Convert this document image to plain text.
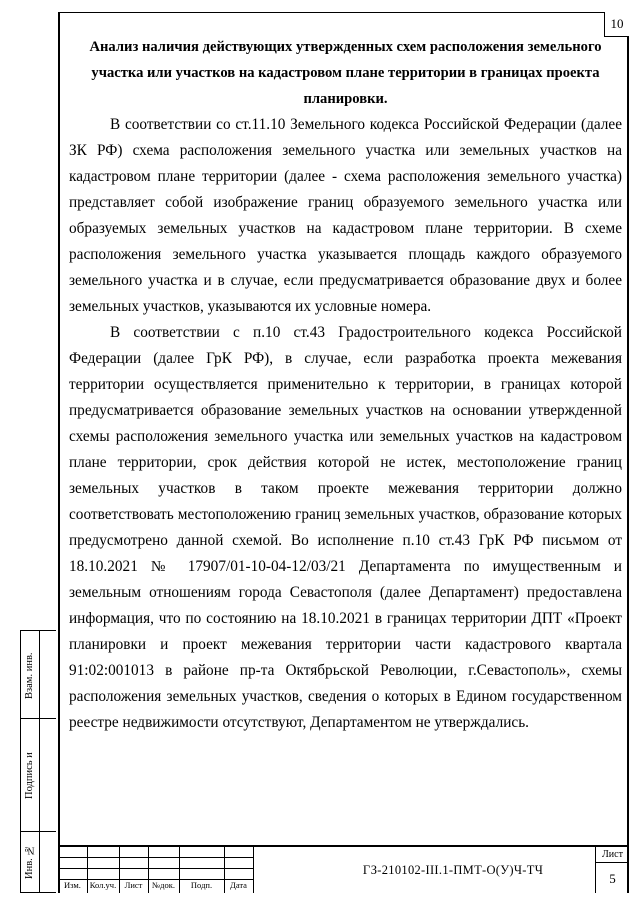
10
Анализ наличия действующих утвержденных схем расположения земельного участка или участков на кадастровом плане территории в границах проекта планировки.

В соответствии со ст.11.10 Земельного кодекса Российской Федерации (далее ЗК РФ) схема расположения земельного участка или земельных участков на кадастровом плане территории (далее - схема расположения земельного участка) представляет собой изображение границ образуемого земельного участка или образуемых земельных участков на кадастровом плане территории. В схеме расположения земельного участка указывается площадь каждого образуемого земельного участка и в случае, если предусматривается образование двух и более земельных участков, указываются их условные номера.

В соответствии с п.10 ст.43 Градостроительного кодекса Российской Федерации (далее ГрК РФ), в случае, если разработка проекта межевания территории осуществляется применительно к территории, в границах которой предусматривается образование земельных участков на основании утвержденной схемы расположения земельного участка или земельных участков на кадастровом плане территории, срок действия которой не истек, местоположение границ земельных участков в таком проекте межевания территории должно соответствовать местоположению границ земельных участков, образование которых предусмотрено данной схемой. Во исполнение п.10 ст.43 ГрК РФ письмом от 18.10.2021 № 17907/01-10-04-12/03/21 Департамента по имущественным и земельным отношениям города Севастополя (далее Департамент) предоставлена информация, что по состоянию на 18.10.2021 в границах территории ДПТ «Проект планировки и проект межевания территории части кадастрового квартала 91:02:001013 в районе пр-та Октябрьской Революции, г.Севастополь», схемы расположения земельных участков, сведения о которых в Едином государственном реестре недвижимости отсутствуют, Департаментом не утверждались.

Взам. инв.
Подпись и
Инв. №
Изм.	Кол.уч. Лист	№док.	Подп.	Дата
ГЗ-210102-III.1-ПМТ-О(У)Ч-ТЧ
Лист
5
